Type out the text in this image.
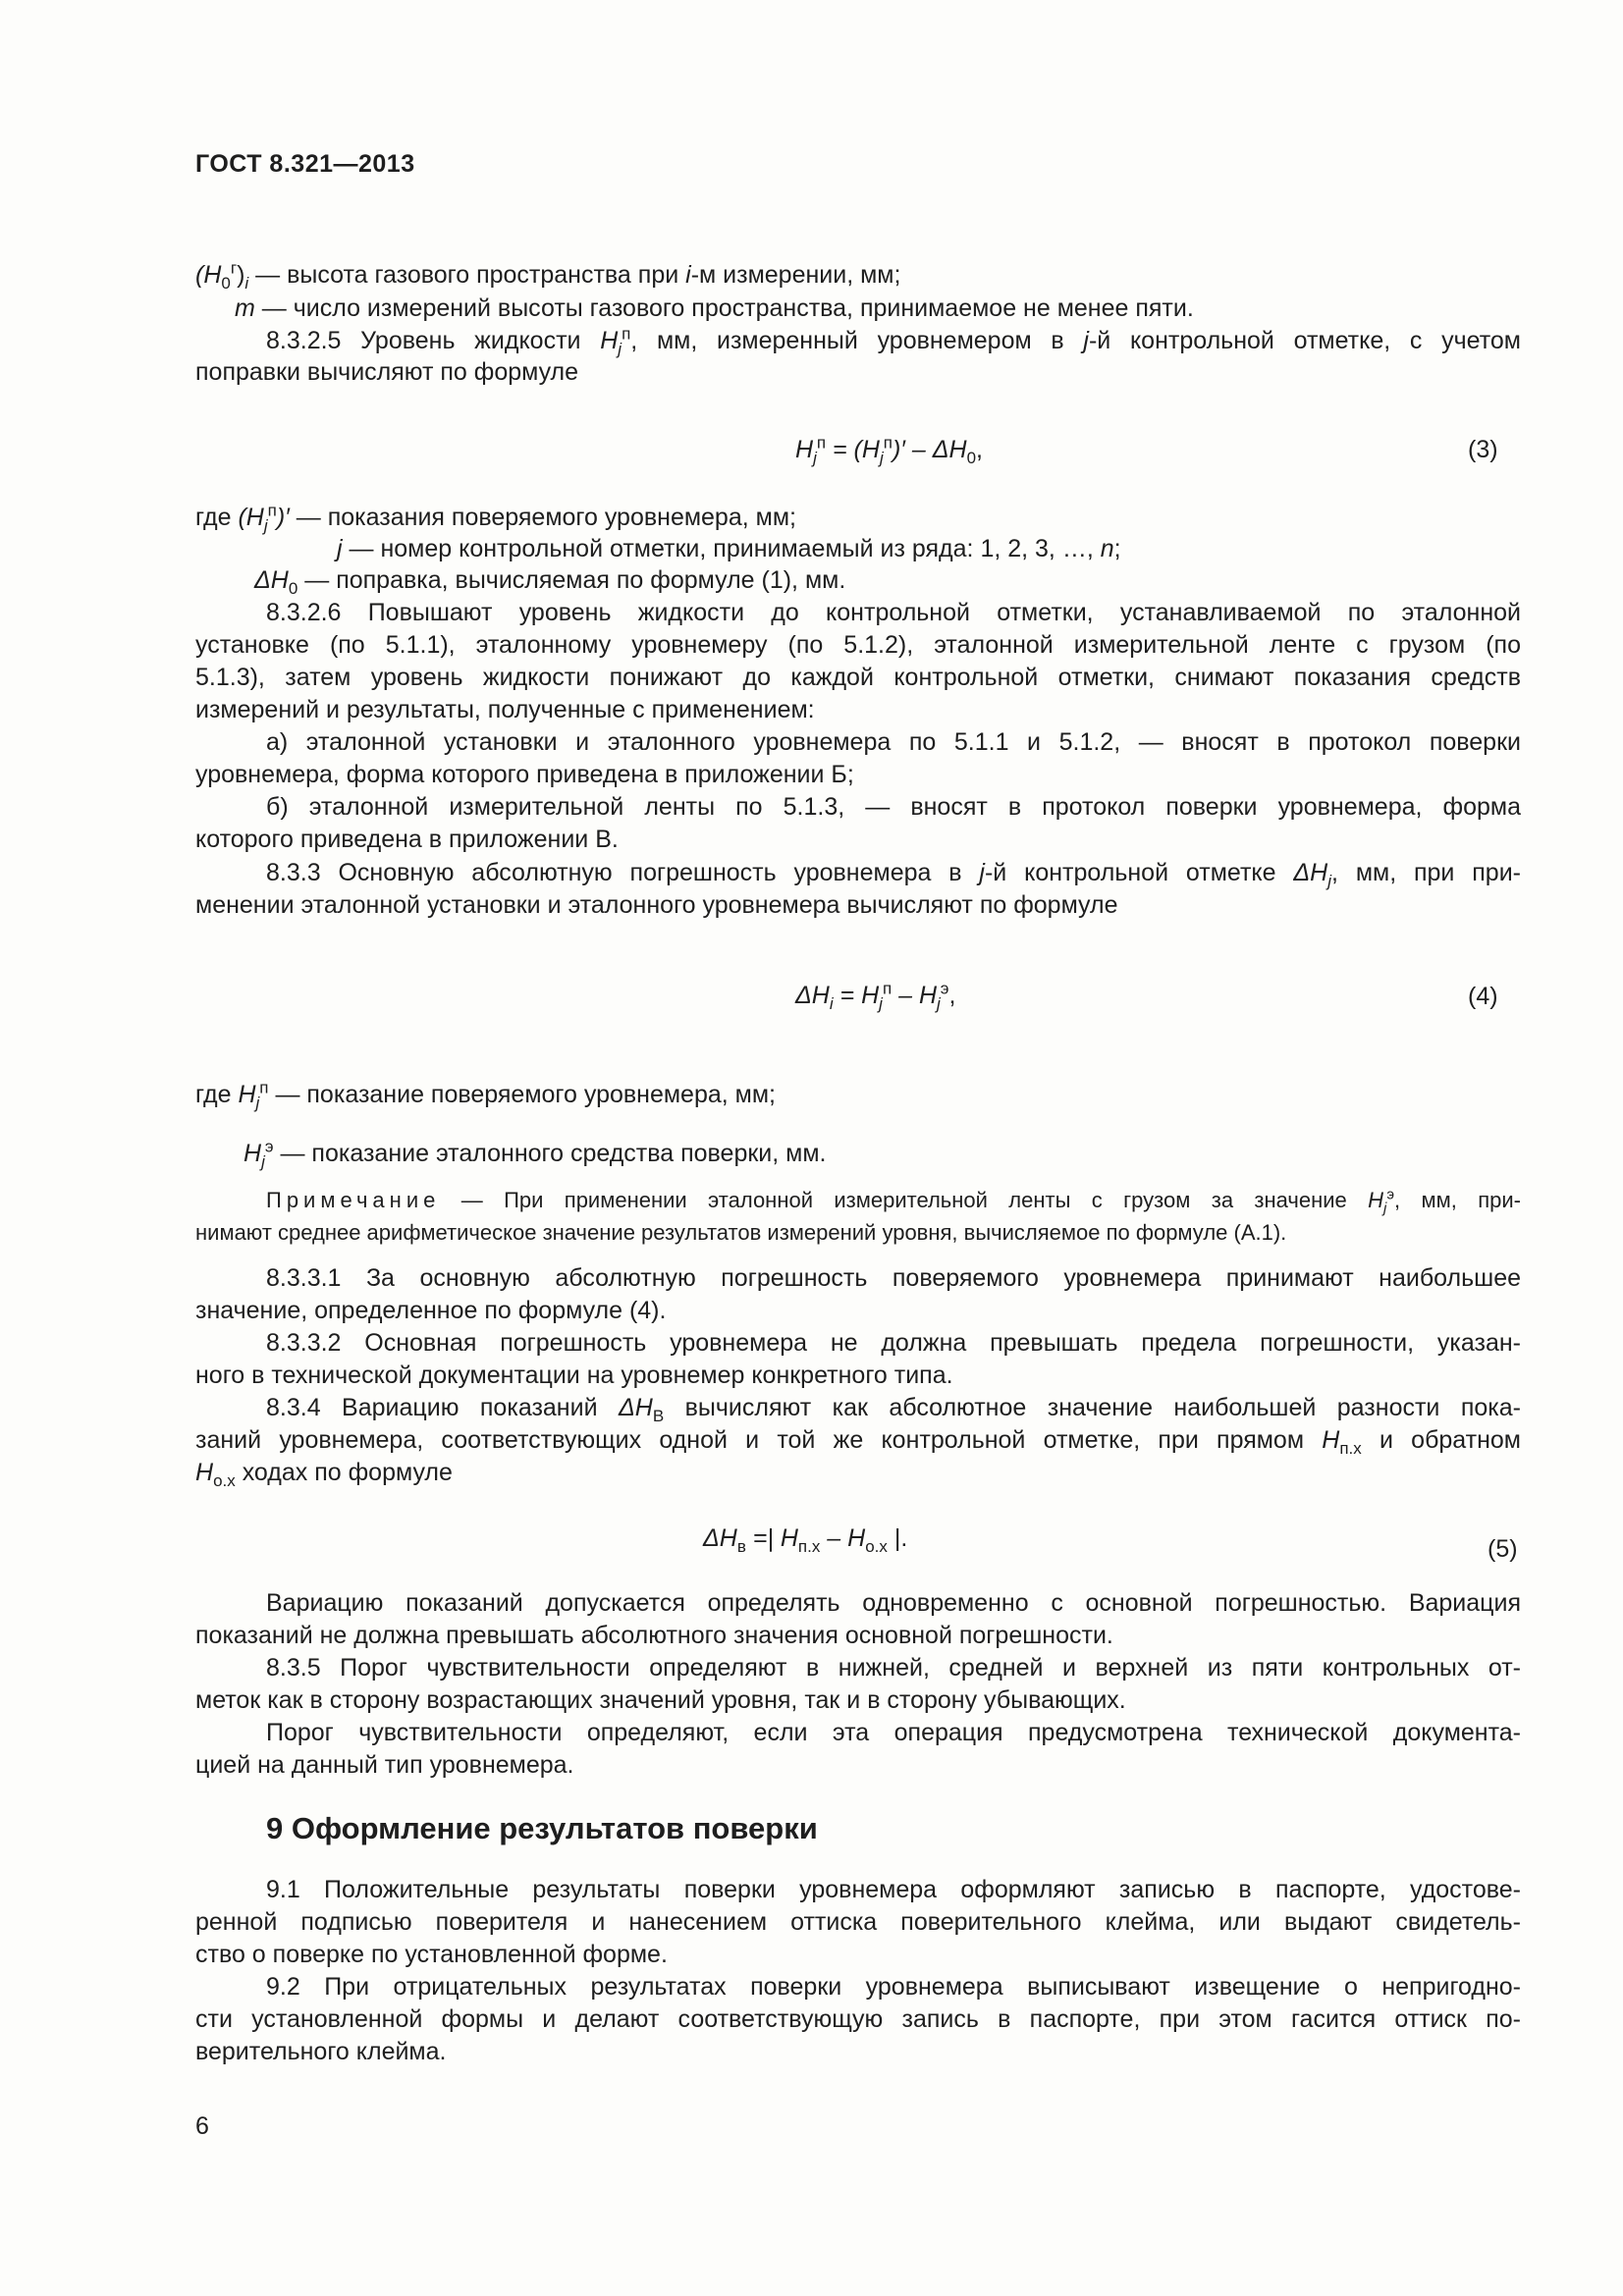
ГОСТ 8.321—2013
$(H_0^г)_i$ — высота газового пространства при i-м измерении, мм;
m — число измерений высоты газового пространства, принимаемое не менее пяти.
8.3.2.5 Уровень жидкости $H_j^п$, мм, измеренный уровнемером в j-й контрольной отметке, с учетом
поправки вычисляют по формуле
$H_j^п = (H_j^п)' - \Delta H_0$,	(3)
где $(H_j^п)'$ — показания поверяемого уровнемера, мм;
j — номер контрольной отметки, принимаемый из ряда: 1, 2, 3, …, n;
$\Delta H_0$ — поправка, вычисляемая по формуле (1), мм.
8.3.2.6 Повышают уровень жидкости до контрольной отметки, устанавливаемой по эталонной
установке (по 5.1.1), эталонному уровнемеру (по 5.1.2), эталонной измерительной ленте с грузом (по
5.1.3), затем уровень жидкости понижают до каждой контрольной отметки, снимают показания средств
измерений и результаты, полученные с применением:
а) эталонной установки и эталонного уровнемера по 5.1.1 и 5.1.2, — вносят в протокол поверки
уровнемера, форма которого приведена в приложении Б;
б) эталонной измерительной ленты по 5.1.3, — вносят в протокол поверки уровнемера, форма
которого приведена в приложении В.
8.3.3 Основную абсолютную погрешность уровнемера в j-й контрольной отметке $\Delta H_j$, мм, при при-
менении эталонной установки и эталонного уровнемера вычисляют по формуле
$\Delta H_i = H_j^п - H_j^э$,	(4)
где $H_j^п$ — показание поверяемого уровнемера, мм;
$H_j^э$ — показание эталонного средства поверки, мм.
Примечание — При применении эталонной измерительной ленты с грузом за значение $H_j^э$, мм, при-
нимают среднее арифметическое значение результатов измерений уровня, вычисляемое по формуле (А.1).
8.3.3.1 За основную абсолютную погрешность поверяемого уровнемера принимают наибольшее
значение, определенное по формуле (4).
8.3.3.2 Основная погрешность уровнемера не должна превышать предела погрешности, указан-
ного в технической документации на уровнемер конкретного типа.
8.3.4 Вариацию показаний $\Delta H_В$ вычисляют как абсолютное значение наибольшей разности пока-
заний уровнемера, соответствующих одной и той же контрольной отметке, при прямом $H_{п.х}$ и обратном
$H_{о.х}$ ходах по формуле
$\Delta H_в$ =| $H_{п.х} - H_{о.х}$ |.	(5)
Вариацию показаний допускается определять одновременно с основной погрешностью. Вариация
показаний не должна превышать абсолютного значения основной погрешности.
8.3.5 Порог чувствительности определяют в нижней, средней и верхней из пяти контрольных от-
меток как в сторону возрастающих значений уровня, так и в сторону убывающих.
Порог чувствительности определяют, если эта операция предусмотрена технической документа-
цией на данный тип уровнемера.
9 Оформление результатов поверки
9.1 Положительные результаты поверки уровнемера оформляют записью в паспорте, удостове-
ренной подписью поверителя и нанесением оттиска поверительного клейма, или выдают свидетель-
ство о поверке по установленной форме.
9.2 При отрицательных результатах поверки уровнемера выписывают извещение о непригодно-
сти установленной формы и делают соответствующую запись в паспорте, при этом гасится оттиск по-
верительного клейма.
6
